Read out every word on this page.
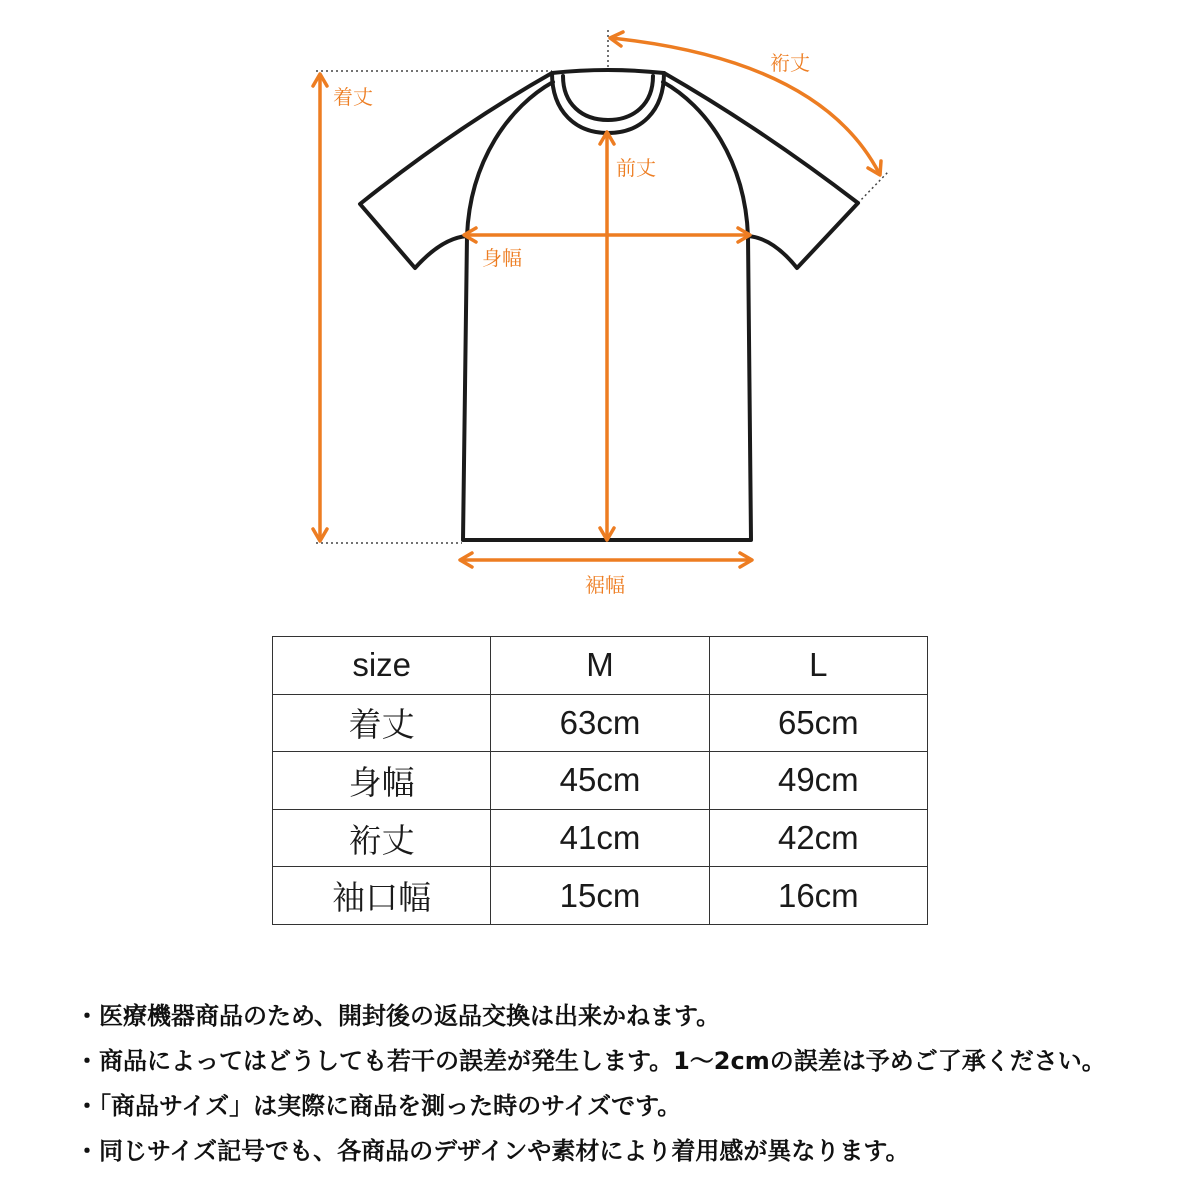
着丈
裄丈
前丈
身幅
裾幅
size	M	L
着丈	63cm	65cm
身幅	45cm	49cm
裄丈	41cm	42cm
袖口幅	15cm	16cm
・医療機器商品のため、開封後の返品交換は出来かねます。
・商品によってはどうしても若干の誤差が発生します。1〜2cmの誤差は予めご了承ください。
・「商品サイズ」は実際に商品を測った時のサイズです。
・同じサイズ記号でも、各商品のデザインや素材により着用感が異なります。
